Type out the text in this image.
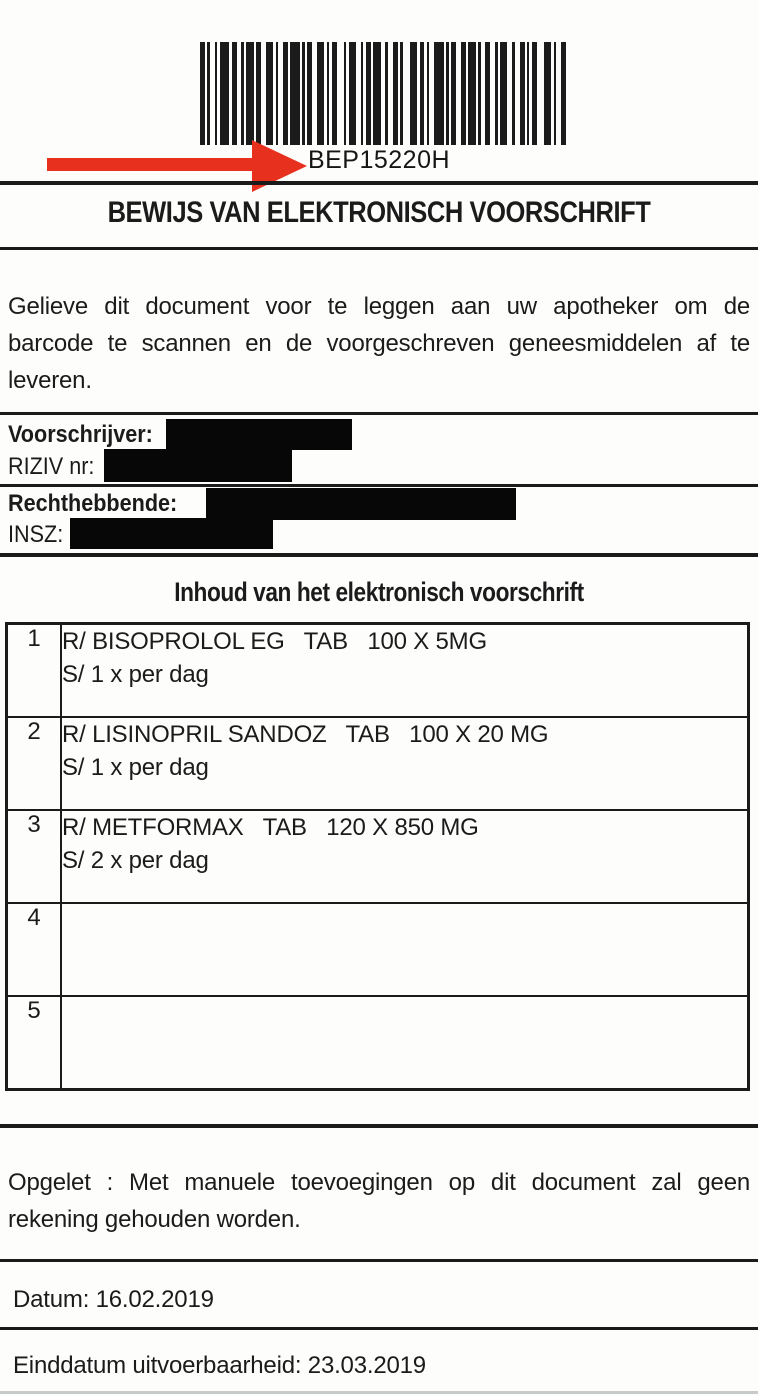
BEP15220H
BEWIJS VAN ELEKTRONISCH VOORSCHRIFT
Gelieve dit document voor te leggen aan uw apotheker om de
barcode te scannen en de voorgeschreven geneesmiddelen af te
leveren.
Voorschrijver:
RIZIV nr:
Rechthebbende:
INSZ:
Inhoud van het elektronisch voorschrift
1	R/ BISOPROLOL EG   TAB   100 X 5MG
S/ 1 x per dag

2	R/ LISINOPRIL SANDOZ   TAB   100 X 20 MG
S/ 1 x per dag

3	R/ METFORMAX   TAB   120 X 850 MG
S/ 2 x per dag

4	

5	
Opgelet : Met manuele toevoegingen op dit document zal geen
rekening gehouden worden.
Datum: 16.02.2019
Einddatum uitvoerbaarheid: 23.03.2019
